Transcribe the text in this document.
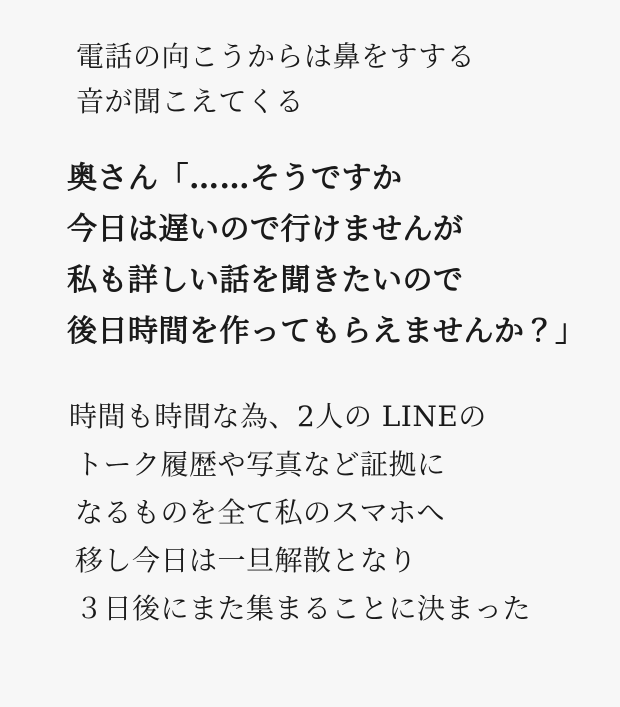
電話の向こうからは鼻をすする
音が聞こえてくる
奥さん「……そうですか
今日は遅いので行けませんが
私も詳しい話を聞きたいので
後日時間を作ってもらえませんか？」
時間も時間な為、2人の LINEの
トーク履歴や写真など証拠に
なるものを全て私のスマホへ
移し今日は一旦解散となり
３日後にまた集まることに決まった
